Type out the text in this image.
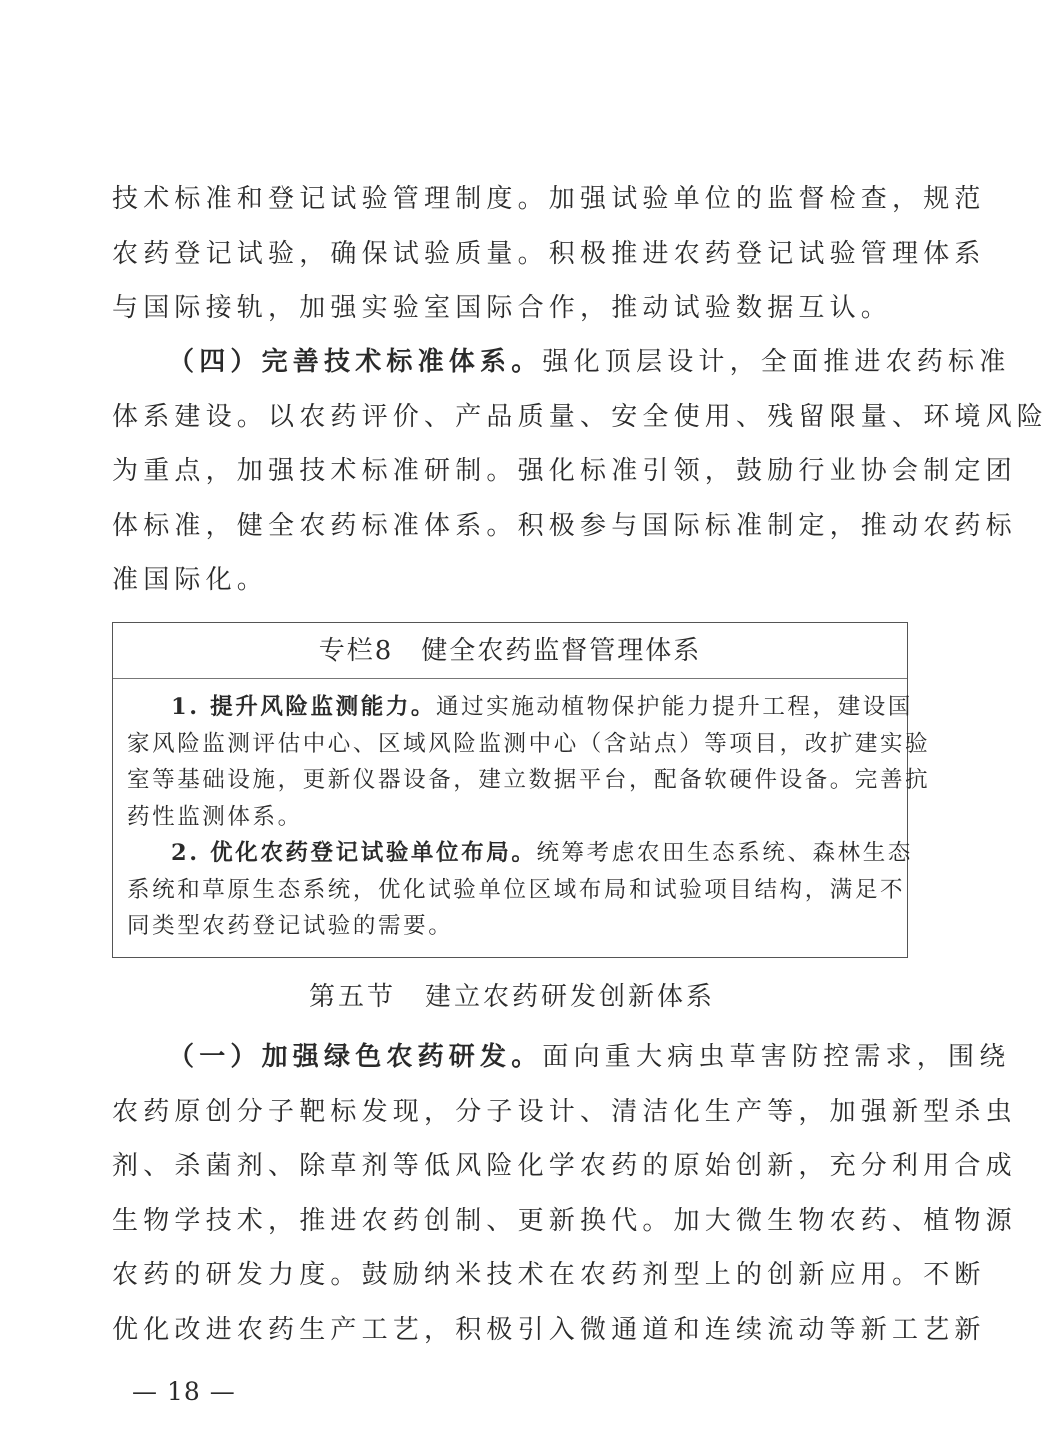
技术标准和登记试验管理制度。加强试验单位的监督检查，规范
农药登记试验，确保试验质量。积极推进农药登记试验管理体系
与国际接轨，加强实验室国际合作，推动试验数据互认。
（四）完善技术标准体系。强化顶层设计，全面推进农药标准
体系建设。以农药评价、产品质量、安全使用、残留限量、环境风险
为重点，加强技术标准研制。强化标准引领，鼓励行业协会制定团
体标准，健全农药标准体系。积极参与国际标准制定，推动农药标
准国际化。
专栏8　健全农药监督管理体系
1. 提升风险监测能力。通过实施动植物保护能力提升工程，建设国
家风险监测评估中心、区域风险监测中心（含站点）等项目，改扩建实验
室等基础设施，更新仪器设备，建立数据平台，配备软硬件设备。完善抗
药性监测体系。
2. 优化农药登记试验单位布局。统筹考虑农田生态系统、森林生态
系统和草原生态系统，优化试验单位区域布局和试验项目结构，满足不
同类型农药登记试验的需要。
第五节　建立农药研发创新体系
（一）加强绿色农药研发。面向重大病虫草害防控需求，围绕
农药原创分子靶标发现，分子设计、清洁化生产等，加强新型杀虫
剂、杀菌剂、除草剂等低风险化学农药的原始创新，充分利用合成
生物学技术，推进农药创制、更新换代。加大微生物农药、植物源
农药的研发力度。鼓励纳米技术在农药剂型上的创新应用。不断
优化改进农药生产工艺，积极引入微通道和连续流动等新工艺新
— 18 —
